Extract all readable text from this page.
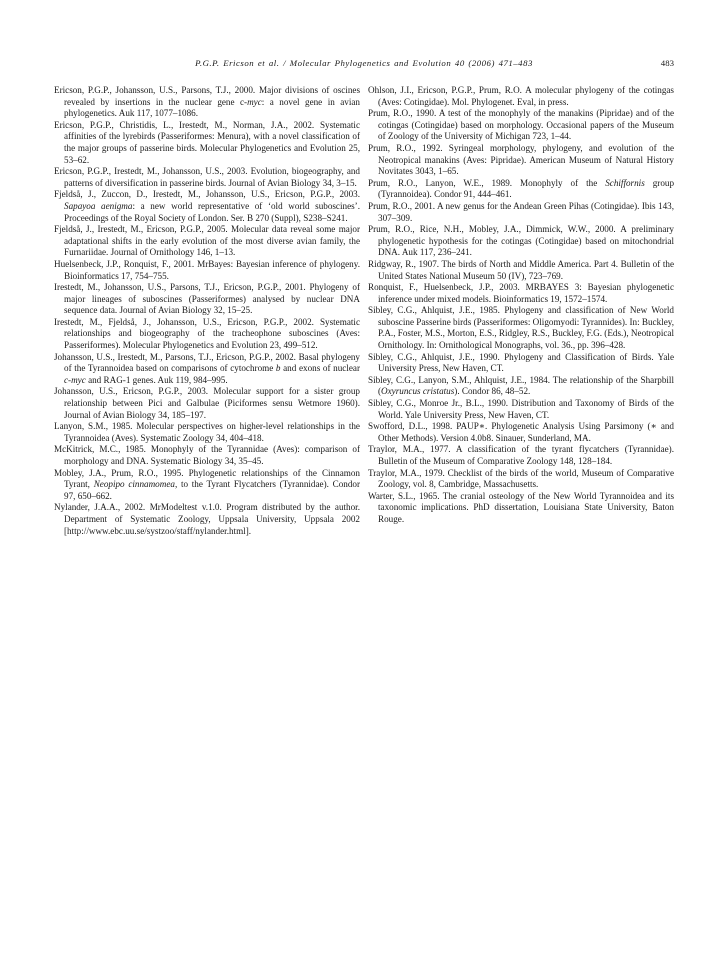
P.G.P. Ericson et al. / Molecular Phylogenetics and Evolution 40 (2006) 471–483	483
Ericson, P.G.P., Johansson, U.S., Parsons, T.J., 2000. Major divisions of oscines revealed by insertions in the nuclear gene c-myc: a novel gene in avian phylogenetics. Auk 117, 1077–1086.
Ericson, P.G.P., Christidis, L., Irestedt, M., Norman, J.A., 2002. Systematic affinities of the lyrebirds (Passeriformes: Menura), with a novel classification of the major groups of passerine birds. Molecular Phylogenetics and Evolution 25, 53–62.
Ericson, P.G.P., Irestedt, M., Johansson, U.S., 2003. Evolution, biogeography, and patterns of diversification in passerine birds. Journal of Avian Biology 34, 3–15.
Fjeldså, J., Zuccon, D., Irestedt, M., Johansson, U.S., Ericson, P.G.P., 2003. Sapayoa aenigma: a new world representative of ‘old world suboscines’. Proceedings of the Royal Society of London. Ser. B 270 (Suppl), S238–S241.
Fjeldså, J., Irestedt, M., Ericson, P.G.P., 2005. Molecular data reveal some major adaptational shifts in the early evolution of the most diverse avian family, the Furnariidae. Journal of Ornithology 146, 1–13.
Huelsenbeck, J.P., Ronquist, F., 2001. MrBayes: Bayesian inference of phylogeny. Bioinformatics 17, 754–755.
Irestedt, M., Johansson, U.S., Parsons, T.J., Ericson, P.G.P., 2001. Phylogeny of major lineages of suboscines (Passeriformes) analysed by nuclear DNA sequence data. Journal of Avian Biology 32, 15–25.
Irestedt, M., Fjeldså, J., Johansson, U.S., Ericson, P.G.P., 2002. Systematic relationships and biogeography of the tracheophone suboscines (Aves: Passeriformes). Molecular Phylogenetics and Evolution 23, 499–512.
Johansson, U.S., Irestedt, M., Parsons, T.J., Ericson, P.G.P., 2002. Basal phylogeny of the Tyrannoidea based on comparisons of cytochrome b and exons of nuclear c-myc and RAG-1 genes. Auk 119, 984–995.
Johansson, U.S., Ericson, P.G.P., 2003. Molecular support for a sister group relationship between Pici and Galbulae (Piciformes sensu Wetmore 1960). Journal of Avian Biology 34, 185–197.
Lanyon, S.M., 1985. Molecular perspectives on higher-level relationships in the Tyrannoidea (Aves). Systematic Zoology 34, 404–418.
McKitrick, M.C., 1985. Monophyly of the Tyrannidae (Aves): comparison of morphology and DNA. Systematic Biology 34, 35–45.
Mobley, J.A., Prum, R.O., 1995. Phylogenetic relationships of the Cinnamon Tyrant, Neopipo cinnamomea, to the Tyrant Flycatchers (Tyrannidae). Condor 97, 650–662.
Nylander, J.A.A., 2002. MrModeltest v.1.0. Program distributed by the author. Department of Systematic Zoology, Uppsala University, Uppsala 2002 [http://www.ebc.uu.se/systzoo/staff/nylander.html].
Ohlson, J.I., Ericson, P.G.P., Prum, R.O. A molecular phylogeny of the cotingas (Aves: Cotingidae). Mol. Phylogenet. Eval, in press.
Prum, R.O., 1990. A test of the monophyly of the manakins (Pipridae) and of the cotingas (Cotingidae) based on morphology. Occasional papers of the Museum of Zoology of the University of Michigan 723, 1–44.
Prum, R.O., 1992. Syringeal morphology, phylogeny, and evolution of the Neotropical manakins (Aves: Pipridae). American Museum of Natural History Novitates 3043, 1–65.
Prum, R.O., Lanyon, W.E., 1989. Monophyly of the Schiffornis group (Tyrannoidea). Condor 91, 444–461.
Prum, R.O., 2001. A new genus for the Andean Green Pihas (Cotingidae). Ibis 143, 307–309.
Prum, R.O., Rice, N.H., Mobley, J.A., Dimmick, W.W., 2000. A preliminary phylogenetic hypothesis for the cotingas (Cotingidae) based on mitochondrial DNA. Auk 117, 236–241.
Ridgway, R., 1907. The birds of North and Middle America. Part 4. Bulletin of the United States National Museum 50 (IV), 723–769.
Ronquist, F., Huelsenbeck, J.P., 2003. MRBAYES 3: Bayesian phylogenetic inference under mixed models. Bioinformatics 19, 1572–1574.
Sibley, C.G., Ahlquist, J.E., 1985. Phylogeny and classification of New World suboscine Passerine birds (Passeriformes: Oligomyodi: Tyrannides). In: Buckley, P.A., Foster, M.S., Morton, E.S., Ridgley, R.S., Buckley, F.G. (Eds.), Neotropical Ornithology. In: Ornithological Monographs, vol. 36., pp. 396–428.
Sibley, C.G., Ahlquist, J.E., 1990. Phylogeny and Classification of Birds. Yale University Press, New Haven, CT.
Sibley, C.G., Lanyon, S.M., Ahlquist, J.E., 1984. The relationship of the Sharpbill (Oxyruncus cristatus). Condor 86, 48–52.
Sibley, C.G., Monroe Jr., B.L., 1990. Distribution and Taxonomy of Birds of the World. Yale University Press, New Haven, CT.
Swofford, D.L., 1998. PAUP∗. Phylogenetic Analysis Using Parsimony (∗ and Other Methods). Version 4.0b8. Sinauer, Sunderland, MA.
Traylor, M.A., 1977. A classification of the tyrant flycatchers (Tyrannidae). Bulletin of the Museum of Comparative Zoology 148, 128–184.
Traylor, M.A., 1979. Checklist of the birds of the world, Museum of Comparative Zoology, vol. 8, Cambridge, Massachusetts.
Warter, S.L., 1965. The cranial osteology of the New World Tyrannoidea and its taxonomic implications. PhD dissertation, Louisiana State University, Baton Rouge.
